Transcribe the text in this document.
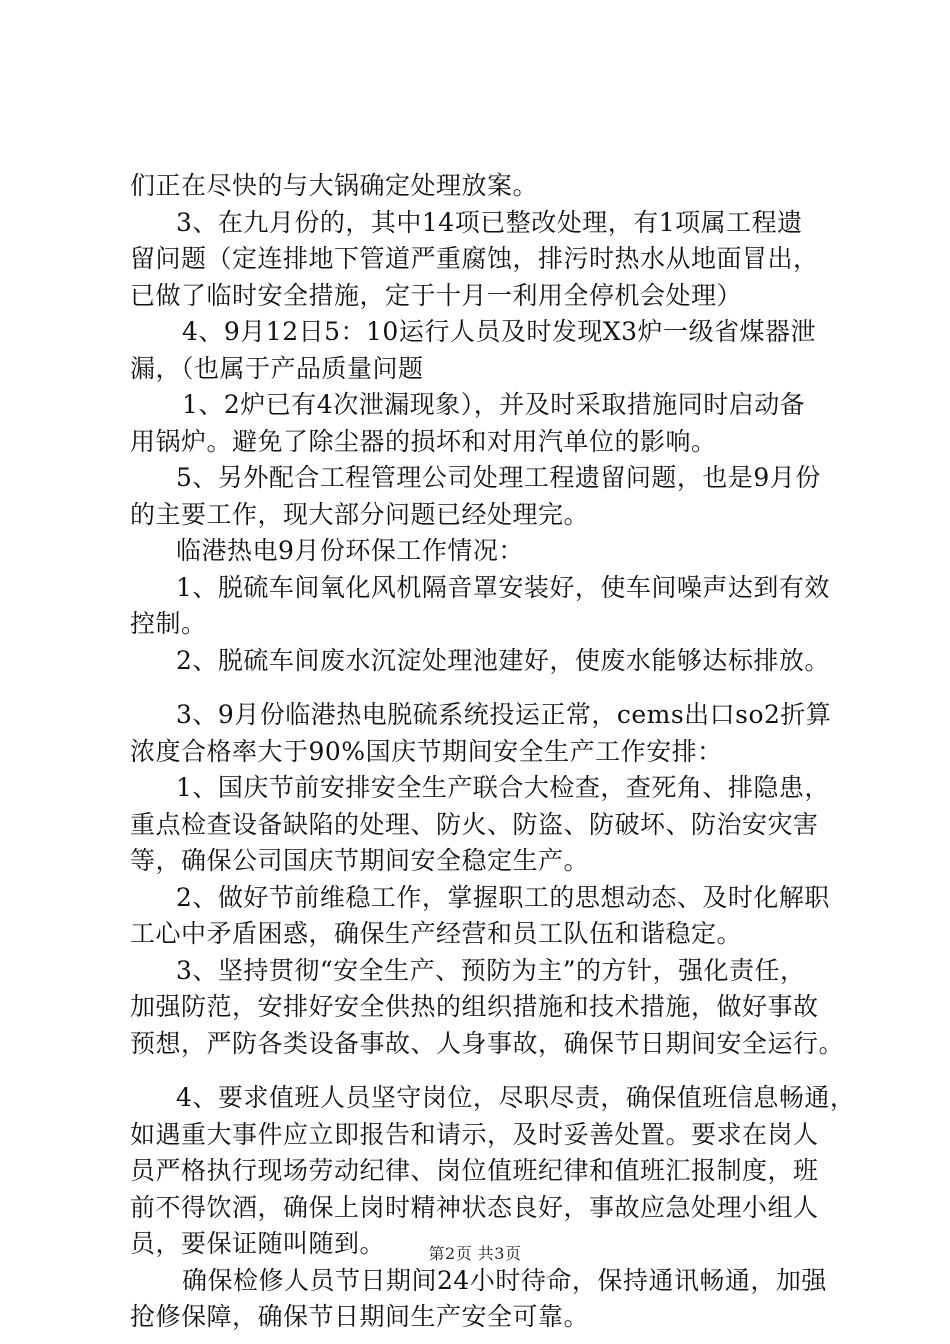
们正在尽快的与大锅确定处理放案。
3、在九月份的，其中14项已整改处理，有1项属工程遗
留问题（定连排地下管道严重腐蚀，排污时热水从地面冒出，
已做了临时安全措施，定于十月一利用全停机会处理）
4、9月12日5：10运行人员及时发现X3炉一级省煤器泄
漏，（也属于产品质量问题
1、2炉已有4次泄漏现象），并及时采取措施同时启动备
用锅炉。避免了除尘器的损坏和对用汽单位的影响。
5、另外配合工程管理公司处理工程遗留问题，也是9月份
的主要工作，现大部分问题已经处理完。
临港热电9月份环保工作情况：
1、脱硫车间氧化风机隔音罩安装好，使车间噪声达到有效
控制。
2、脱硫车间废水沉淀处理池建好，使废水能够达标排放。
3、9月份临港热电脱硫系统投运正常，cems出口so2折算
浓度合格率大于90%国庆节期间安全生产工作安排：
1、国庆节前安排安全生产联合大检查，查死角、排隐患，
重点检查设备缺陷的处理、防火、防盗、防破坏、防治安灾害
等，确保公司国庆节期间安全稳定生产。
2、做好节前维稳工作，掌握职工的思想动态、及时化解职
工心中矛盾困惑，确保生产经营和员工队伍和谐稳定。
3、坚持贯彻“安全生产、预防为主”的方针，强化责任，
加强防范，安排好安全供热的组织措施和技术措施，做好事故
预想，严防各类设备事故、人身事故，确保节日期间安全运行。
4、要求值班人员坚守岗位，尽职尽责，确保值班信息畅通，
如遇重大事件应立即报告和请示，及时妥善处置。要求在岗人
员严格执行现场劳动纪律、岗位值班纪律和值班汇报制度，班
前不得饮酒，确保上岗时精神状态良好，事故应急处理小组人
员，要保证随叫随到。
确保检修人员节日期间24小时待命，保持通讯畅通，加强
抢修保障，确保节日期间生产安全可靠。
第2页 共3页
